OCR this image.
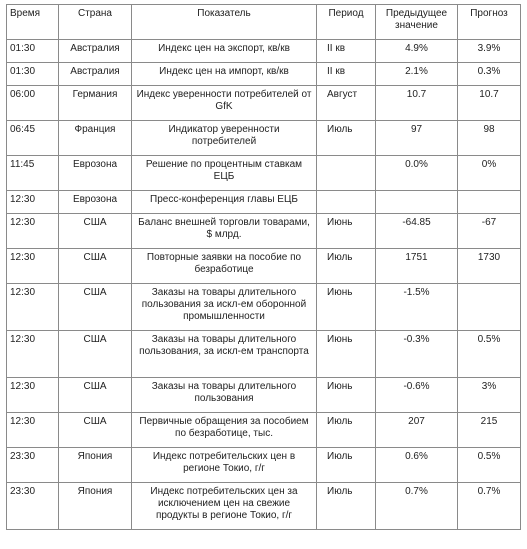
Время	Страна	Показатель	Период	Предыдущее значение	Прогноз
01:30	Австралия	Индекс цен на экспорт, кв/кв	II кв	4.9%	3.9%
01:30	Австралия	Индекс цен на импорт, кв/кв	II кв	2.1%	0.3%
06:00	Германия	Индекс уверенности потребителей от GfK	Август	10.7	10.7
06:45	Франция	Индикатор уверенности потребителей	Июль	97	98
11:45	Еврозона	Решение по процентным ставкам ЕЦБ		0.0%	0%
12:30	Еврозона	Пресс-конференция главы ЕЦБ			
12:30	США	Баланс внешней торговли товарами, $ млрд.	Июнь	-64.85	-67
12:30	США	Повторные заявки на пособие по безработице	Июль	1751	1730
12:30	США	Заказы на товары длительного пользования за искл-ем оборонной промышленности	Июнь	-1.5%	
12:30	США	Заказы на товары длительного пользования, за искл-ем транспорта	Июнь	-0.3%	0.5%
12:30	США	Заказы на товары длительного пользования	Июнь	-0.6%	3%
12:30	США	Первичные обращения за пособием по безработице, тыс.	Июль	207	215
23:30	Япония	Индекс потребительских цен в регионе Токио, г/г	Июль	0.6%	0.5%
23:30	Япония	Индекс потребительских цен за исключением цен на свежие продукты в регионе Токио, г/г	Июль	0.7%	0.7%
